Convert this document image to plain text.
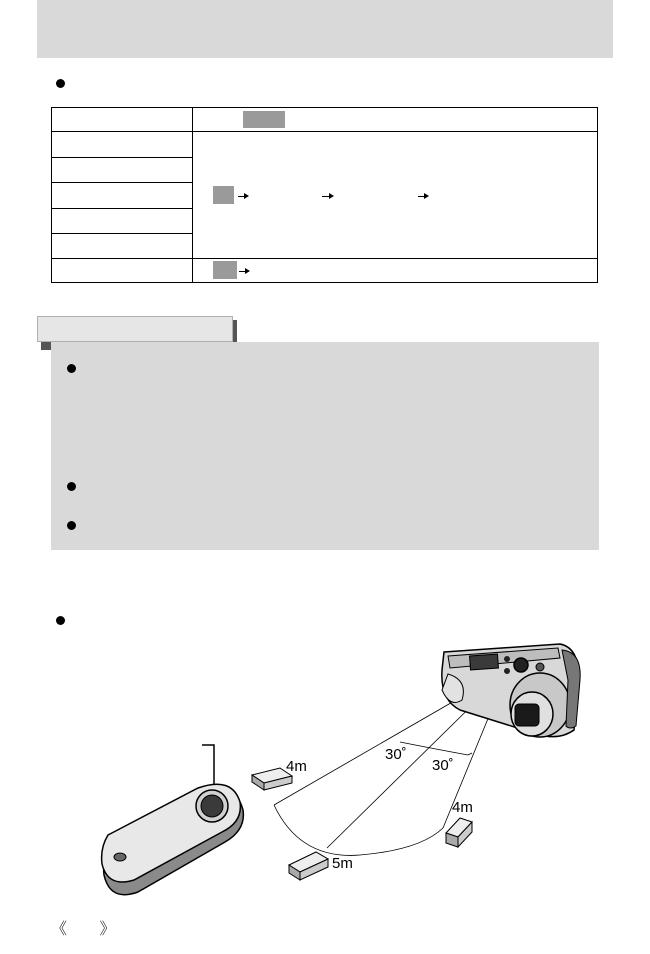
4m
30˚
30˚
4m
5m
《 》
